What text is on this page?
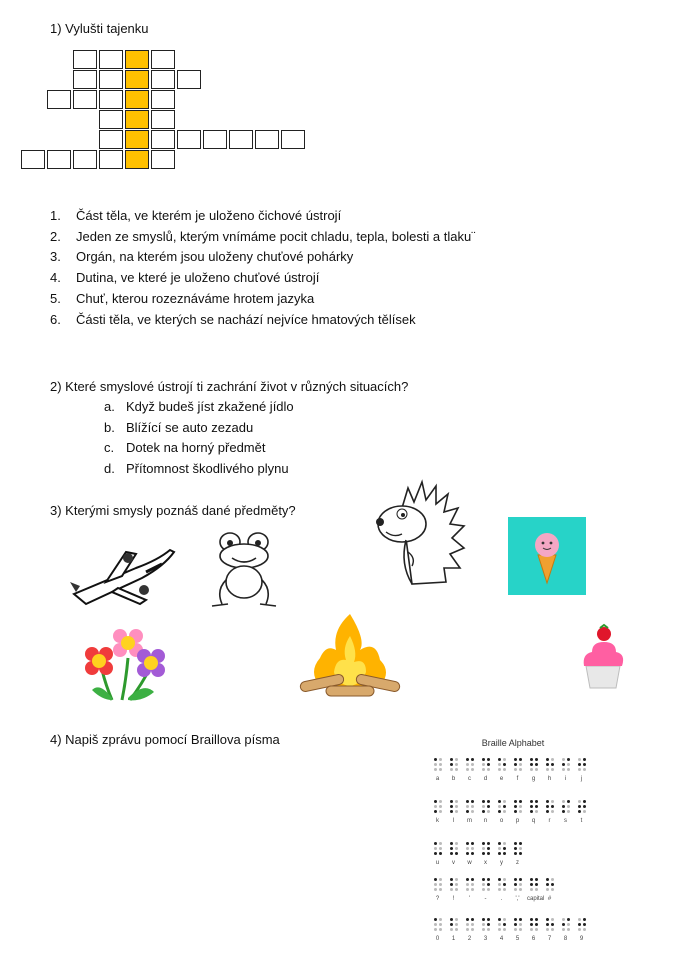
1) Vylušti tajenku
1. Část těla, ve kterém je uloženo čichové ústrojí
2. Jeden ze smyslů, kterým vnímáme pocit chladu, tepla, bolesti a tlaku¨
3. Orgán, na kterém jsou uloženy chuťové pohárky
4. Dutina, ve které je uloženo chuťové ústrojí
5. Chuť, kterou rozeznáváme hrotem jazyka
6. Části těla, ve kterých se nachází nejvíce hmatových tělísek
2) Které smyslové ústrojí ti zachrání život v různých situacích?
a. Když budeš jíst zkažené jídlo
b. Blížící se auto zezadu
c. Dotek na horný předmět
d. Přítomnost škodlivého plynu
3) Kterými smysly poznáš dané předměty?
4) Napiš zprávu pomocí Braillova písma	Braille Alphabet
a	b	c	d	e	f	g	h	i	j
k	l	m	n	o	p	q	r	s	t
u	v	w	x	y	z
?	!	'	-	.	','	capital #
0	1	2	3	4	5	6	7	8	9
